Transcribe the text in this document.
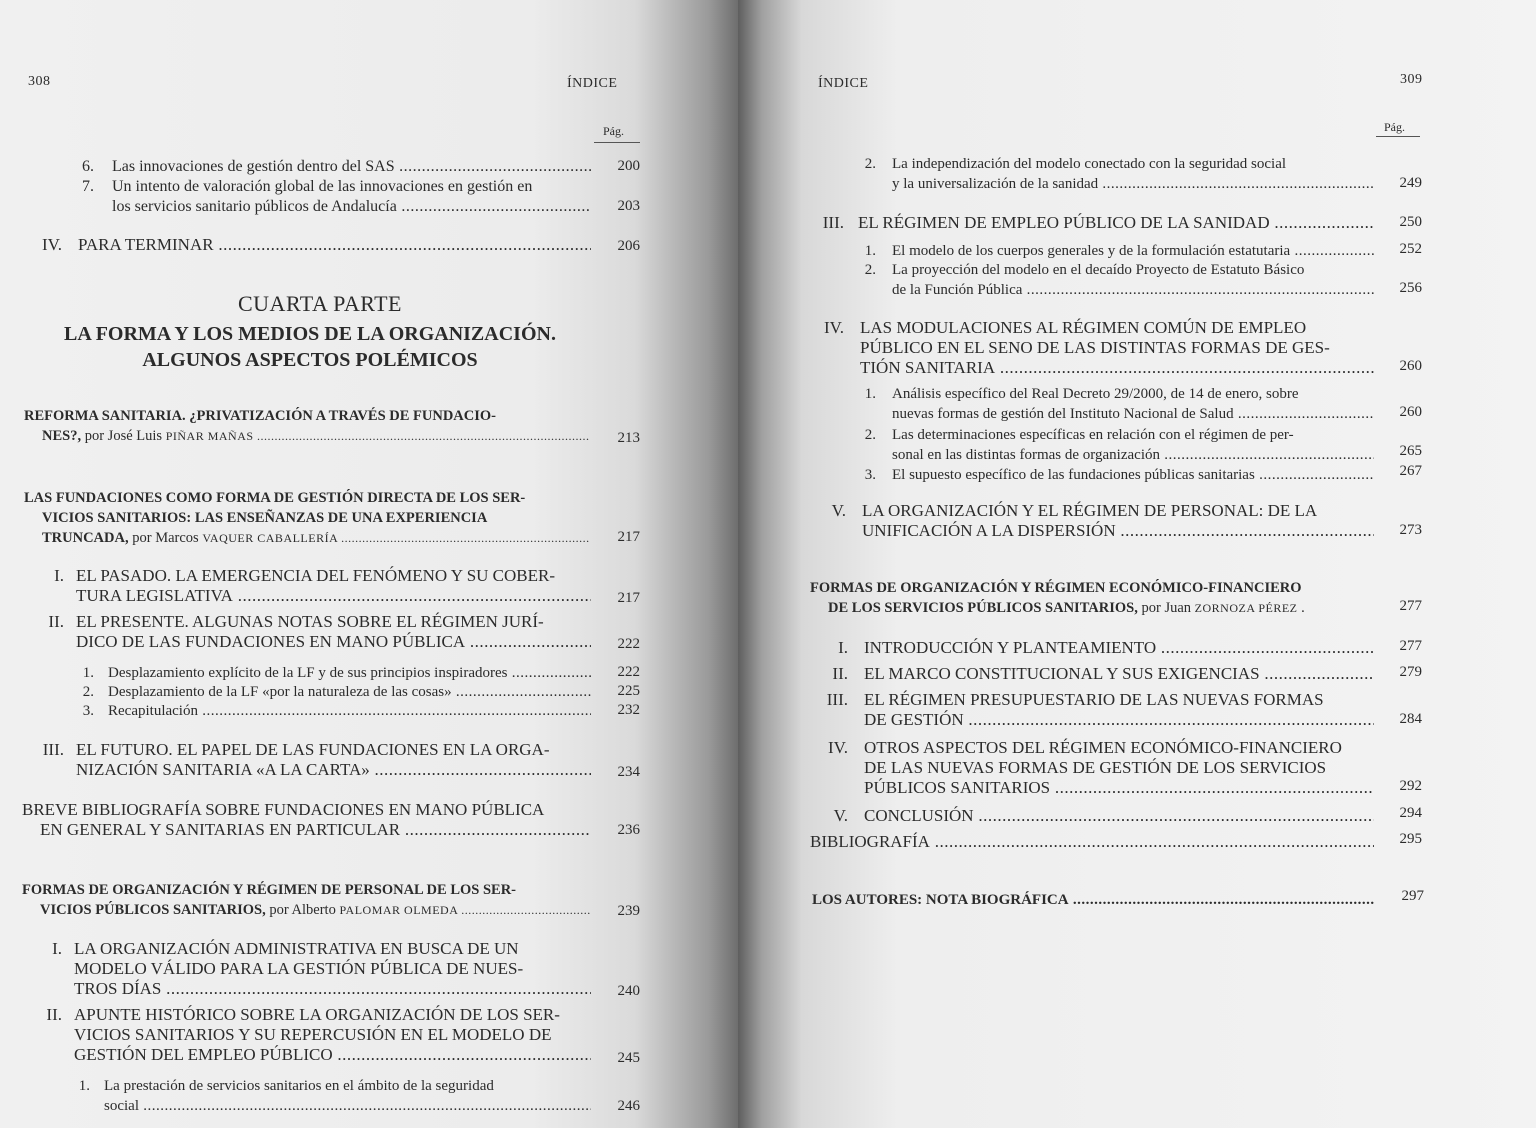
308	ÍNDICE
Pág.
6.	Las innovaciones de gestión dentro del SAS .....	200
7.	Un intento de valoración global de las innovaciones en gestión en
los servicios sanitario públicos de Andalucía .....	203
IV. PARA TERMINAR .....	206
CUARTA PARTE
LA FORMA Y LOS MEDIOS DE LA ORGANIZACIÓN.
ALGUNOS ASPECTOS POLÉMICOS
REFORMA SANITARIA. ¿PRIVATIZACIÓN A TRAVÉS DE FUNDACIO-
NES?, por José Luis PIÑAR MAÑAS .....	213
LAS FUNDACIONES COMO FORMA DE GESTIÓN DIRECTA DE LOS SER-
VICIOS SANITARIOS: LAS ENSEÑANZAS DE UNA EXPERIENCIA
TRUNCADA, por Marcos VAQUER CABALLERÍA .....	217
I. EL PASADO. LA EMERGENCIA DEL FENÓMENO Y SU COBER-
TURA LEGISLATIVA .....	217
II. EL PRESENTE. ALGUNAS NOTAS SOBRE EL RÉGIMEN JURÍ-
DICO DE LAS FUNDACIONES EN MANO PÚBLICA .....	222
1. Desplazamiento explícito de la LF y de sus principios inspiradores .....	222
2. Desplazamiento de la LF «por la naturaleza de las cosas» .....	225
3. Recapitulación .....	232
III. EL FUTURO. EL PAPEL DE LAS FUNDACIONES EN LA ORGA-
NIZACIÓN SANITARIA «A LA CARTA» .....	234
BREVE BIBLIOGRAFÍA SOBRE FUNDACIONES EN MANO PÚBLICA
EN GENERAL Y SANITARIAS EN PARTICULAR .....	236
FORMAS DE ORGANIZACIÓN Y RÉGIMEN DE PERSONAL DE LOS SER-
VICIOS PÚBLICOS SANITARIOS, por Alberto PALOMAR OLMEDA .....	239
I. LA ORGANIZACIÓN ADMINISTRATIVA EN BUSCA DE UN
MODELO VÁLIDO PARA LA GESTIÓN PÚBLICA DE NUES-
TROS DÍAS .....	240
II. APUNTE HISTÓRICO SOBRE LA ORGANIZACIÓN DE LOS SER-
VICIOS SANITARIOS Y SU REPERCUSIÓN EN EL MODELO DE
GESTIÓN DEL EMPLEO PÚBLICO .....	245
1. La prestación de servicios sanitarios en el ámbito de la seguridad
social .....	246
ÍNDICE	309
Pág.
2.	La independización del modelo conectado con la seguridad social
y la universalización de la sanidad .....	249
III. EL RÉGIMEN DE EMPLEO PÚBLICO DE LA SANIDAD .....	250
1.	El modelo de los cuerpos generales y de la formulación estatutaria .....	252
2.	La proyección del modelo en el decaído Proyecto de Estatuto Básico
de la Función Pública .....	256
IV. LAS MODULACIONES AL RÉGIMEN COMÚN DE EMPLEO
PÚBLICO EN EL SENO DE LAS DISTINTAS FORMAS DE GES-
TIÓN SANITARIA .....	260
1.	Análisis específico del Real Decreto 29/2000, de 14 de enero, sobre
nuevas formas de gestión del Instituto Nacional de Salud .....	260
2.	Las determinaciones específicas en relación con el régimen de per-
sonal en las distintas formas de organización .....	265
3.	El supuesto específico de las fundaciones públicas sanitarias .....	267
V. LA ORGANIZACIÓN Y EL RÉGIMEN DE PERSONAL: DE LA
UNIFICACIÓN A LA DISPERSIÓN .....	273
FORMAS DE ORGANIZACIÓN Y RÉGIMEN ECONÓMICO-FINANCIERO
DE LOS SERVICIOS PÚBLICOS SANITARIOS, por Juan ZORNOZA PÉREZ .	277
I. INTRODUCCIÓN Y PLANTEAMIENTO .....	277
II. EL MARCO CONSTITUCIONAL Y SUS EXIGENCIAS .....	279
III. EL RÉGIMEN PRESUPUESTARIO DE LAS NUEVAS FORMAS
DE GESTIÓN .....	284
IV. OTROS ASPECTOS DEL RÉGIMEN ECONÓMICO-FINANCIERO
DE LAS NUEVAS FORMAS DE GESTIÓN DE LOS SERVICIOS
PÚBLICOS SANITARIOS .....	292
V. CONCLUSIÓN .....	294
BIBLIOGRAFÍA .....	295
LOS AUTORES: NOTA BIOGRÁFICA .....	297
